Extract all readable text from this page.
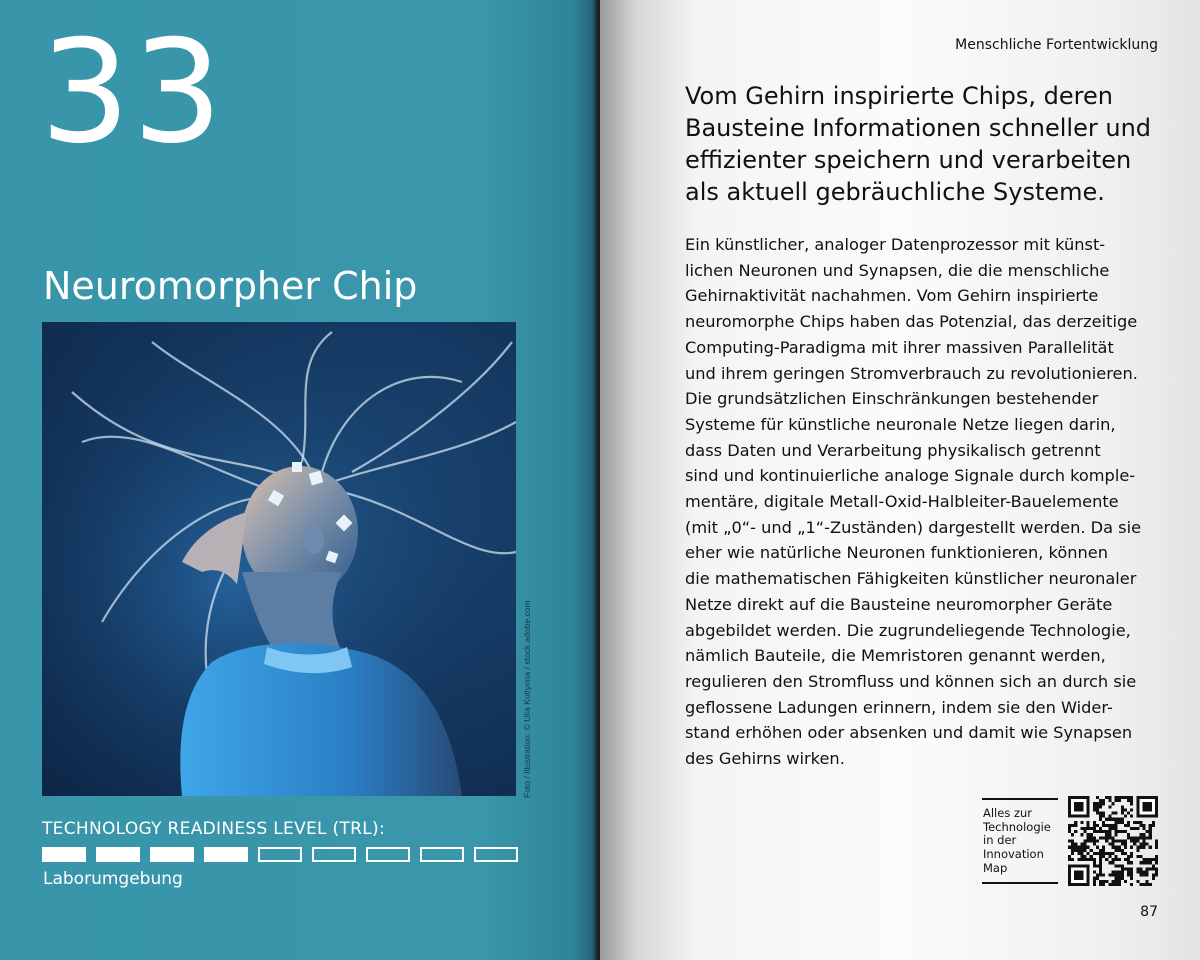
33
Neuromorpher Chip
Foto / Illustration: © Ulia Koltyrina / stock.adobe.com
TECHNOLOGY READINESS LEVEL (TRL):
Laborumgebung
Menschliche Fortentwicklung
Vom Gehirn inspirierte Chips, deren
Bausteine Informationen schneller und
effizienter speichern und verarbeiten
als aktuell gebräuchliche Systeme.
Ein künstlicher, analoger Datenprozessor mit künst-
lichen Neuronen und Synapsen, die die menschliche
Gehirnaktivität nachahmen. Vom Gehirn inspirierte
neuromorphe Chips haben das Potenzial, das derzeitige
Computing-Paradigma mit ihrer massiven Parallelität
und ihrem geringen Stromverbrauch zu revolutionieren.
Die grundsätzlichen Einschränkungen bestehender
Systeme für künstliche neuronale Netze liegen darin,
dass Daten und Verarbeitung physikalisch getrennt
sind und kontinuierliche analoge Signale durch komple-
mentäre, digitale Metall-Oxid-Halbleiter-Bauelemente
(mit „0“- und „1“-Zuständen) dargestellt werden. Da sie
eher wie natürliche Neuronen funktionieren, können
die mathematischen Fähigkeiten künstlicher neuronaler
Netze direkt auf die Bausteine neuromorpher Geräte
abgebildet werden. Die zugrundeliegende Technologie,
nämlich Bauteile, die Memristoren genannt werden,
regulieren den Stromfluss und können sich an durch sie
geflossene Ladungen erinnern, indem sie den Wider-
stand erhöhen oder absenken und damit wie Synapsen
des Gehirns wirken.
Alles zur
Technologie
in der
Innovation
Map
87
